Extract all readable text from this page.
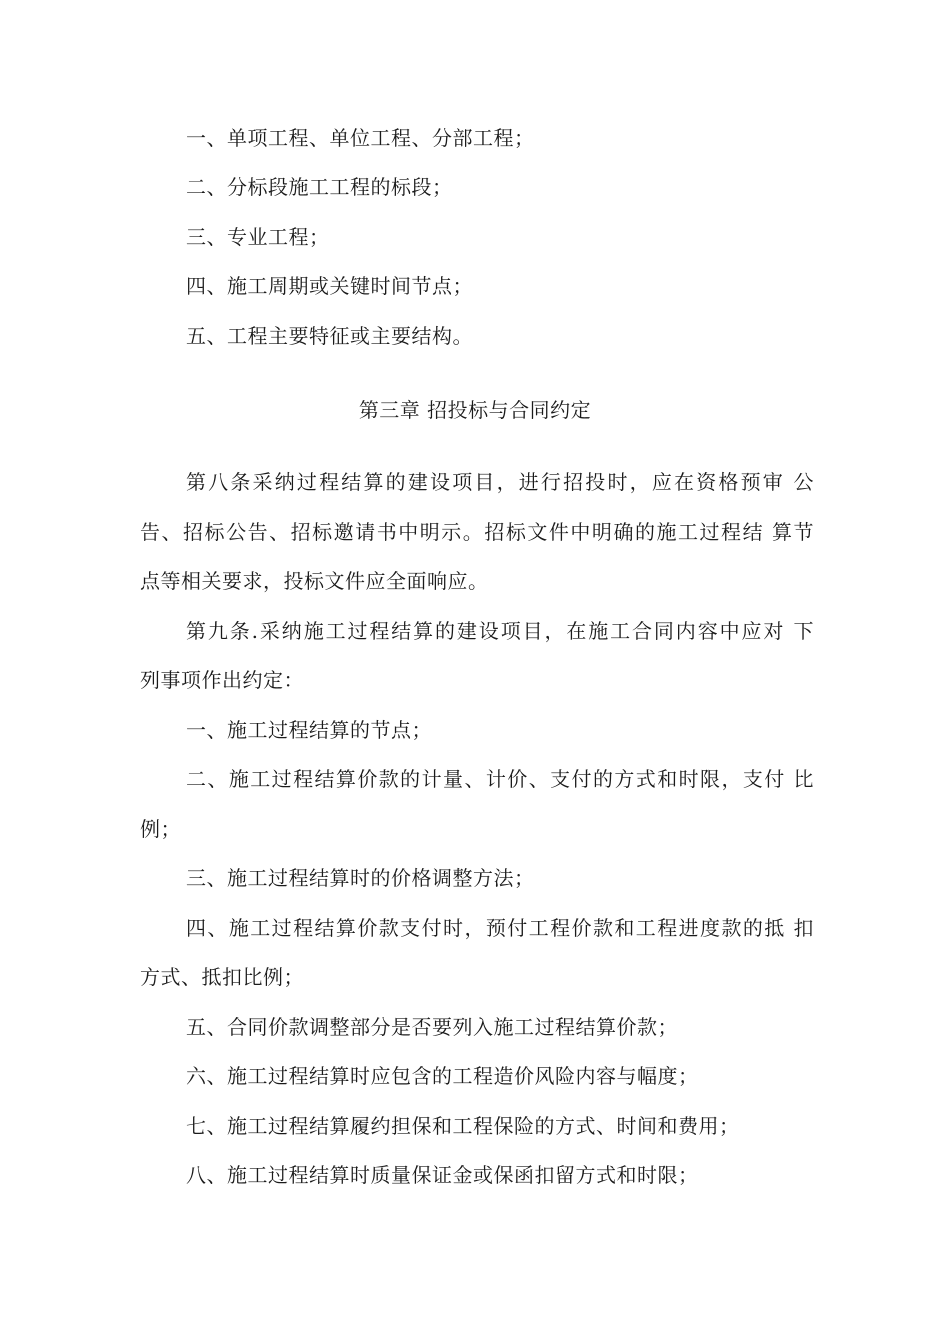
一、单项工程、单位工程、分部工程；
二、分标段施工工程的标段；
三、专业工程；
四、施工周期或关键时间节点；
五、工程主要特征或主要结构。
第三章 招投标与合同约定
第八条采纳过程结算的建设项目，进行招投时，应在资格预审 公
告、招标公告、招标邀请书中明示。招标文件中明确的施工过程结 算节
点等相关要求，投标文件应全面响应。
第九条.采纳施工过程结算的建设项目，在施工合同内容中应对 下
列事项作出约定：
一、施工过程结算的节点；
二、施工过程结算价款的计量、计价、支付的方式和时限，支付 比
例；
三、施工过程结算时的价格调整方法；
四、施工过程结算价款支付时，预付工程价款和工程进度款的抵 扣
方式、抵扣比例；
五、合同价款调整部分是否要列入施工过程结算价款；
六、施工过程结算时应包含的工程造价风险内容与幅度；
七、施工过程结算履约担保和工程保险的方式、时间和费用；
八、施工过程结算时质量保证金或保函扣留方式和时限；
